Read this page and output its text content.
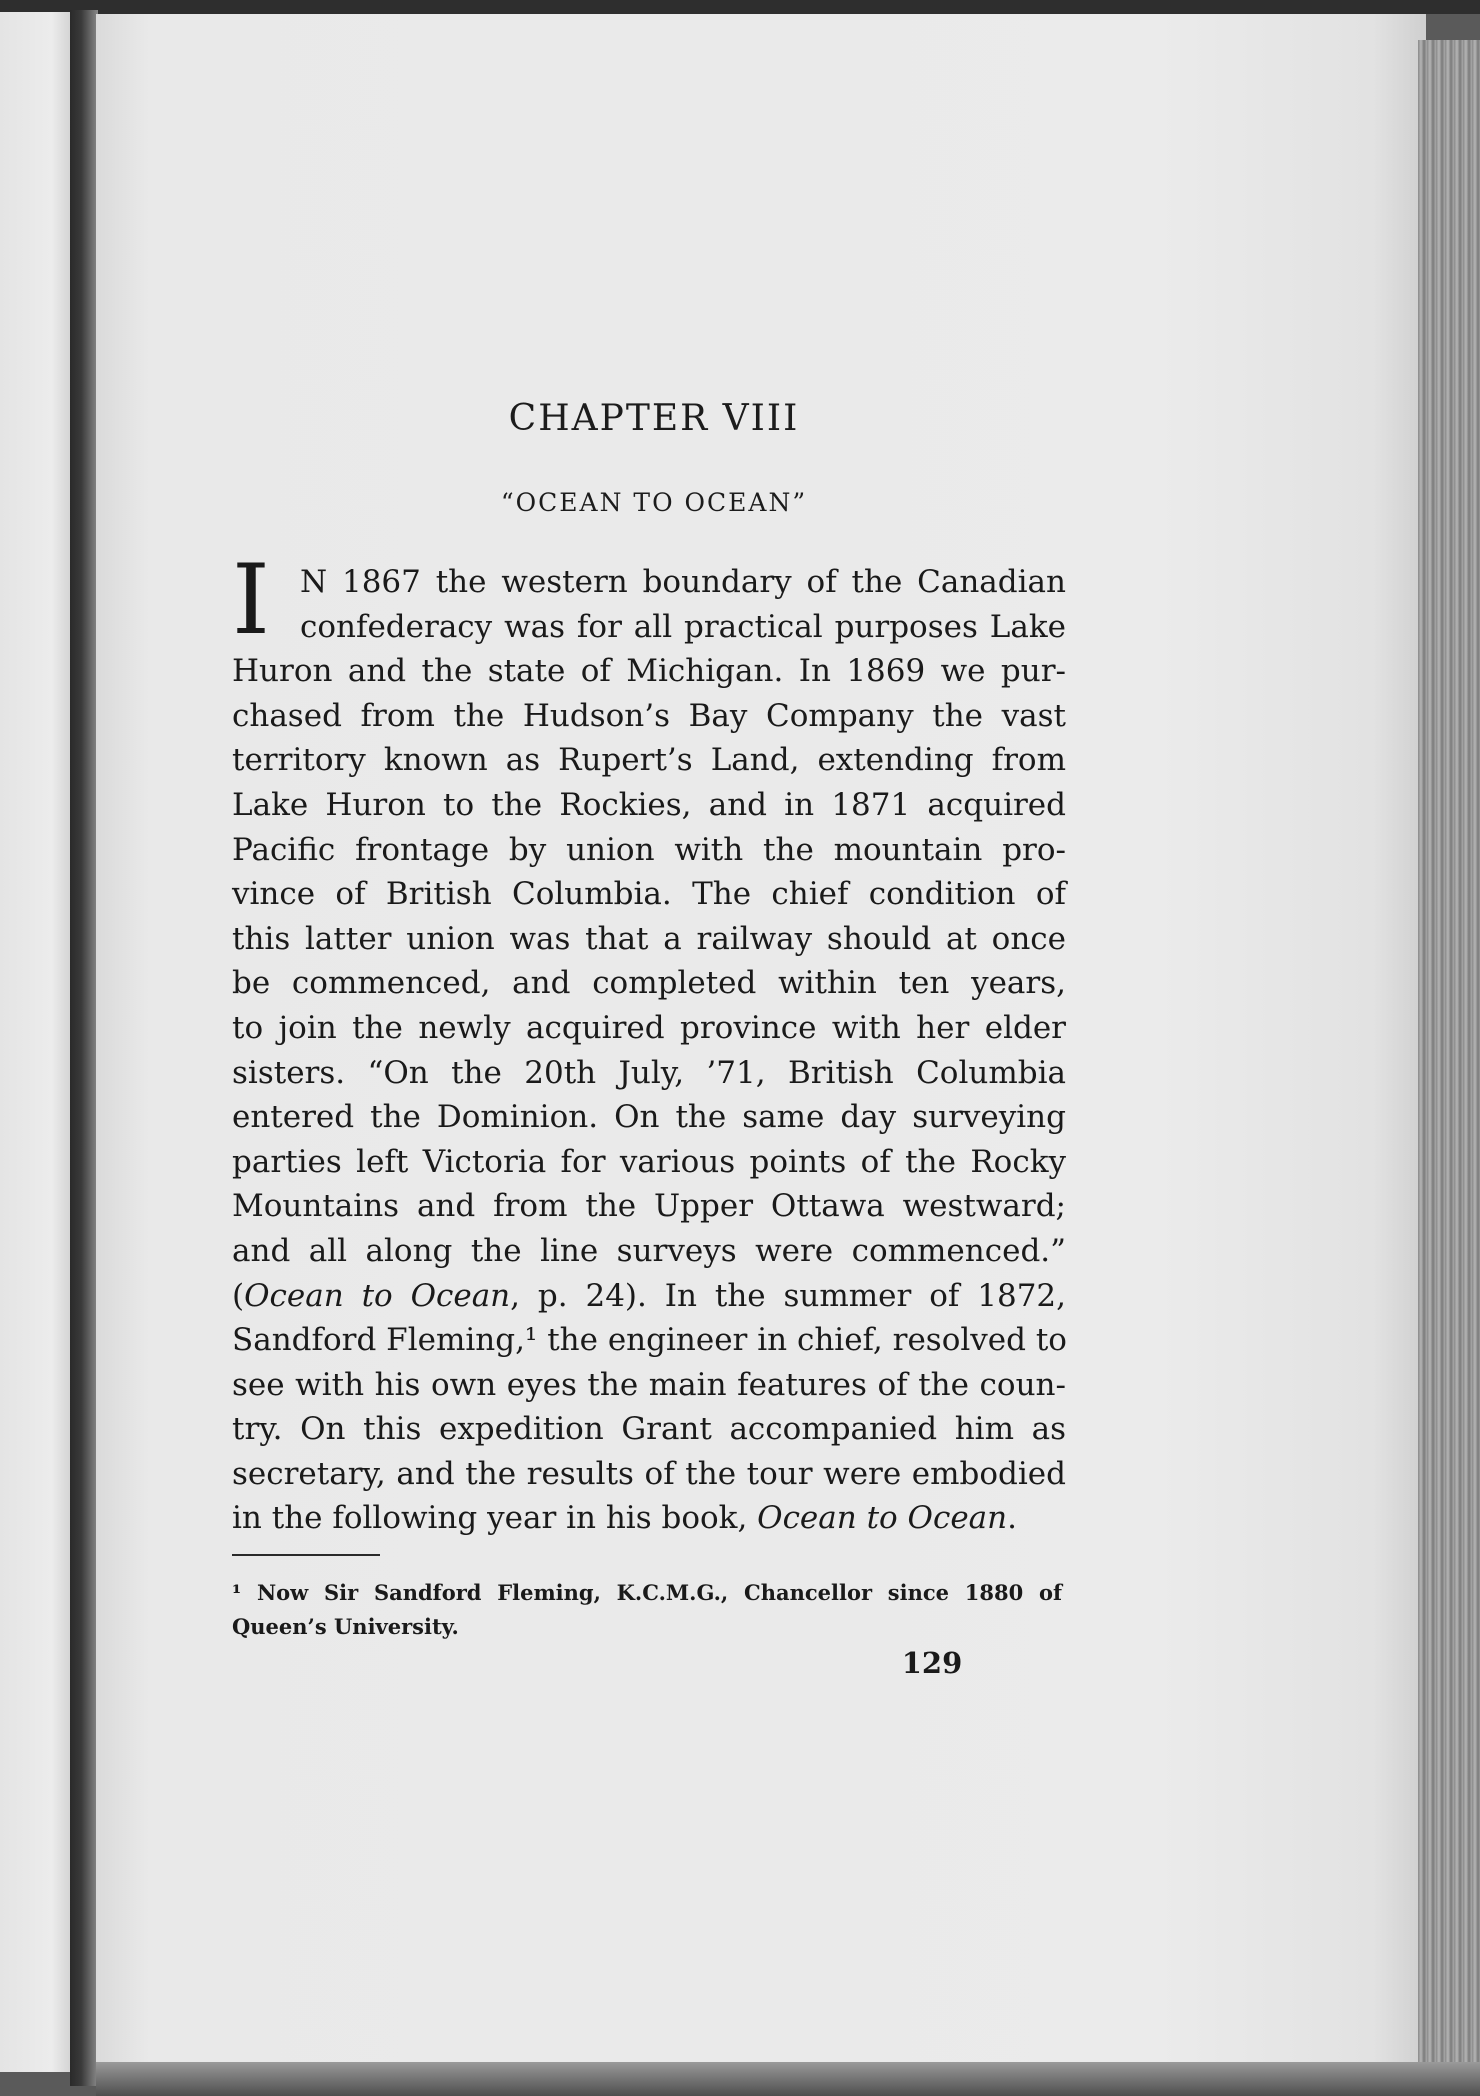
CHAPTER VIII
“OCEAN TO OCEAN”
I N 1867 the western boundary of the Canadian
confederacy was for all practical purposes Lake
Huron and the state of Michigan. In 1869 we pur-
chased from the Hudson’s Bay Company the vast
territory known as Rupert’s Land, extending from
Lake Huron to the Rockies, and in 1871 acquired
Pacific frontage by union with the mountain pro-
vince of British Columbia. The chief condition of
this latter union was that a railway should at once
be commenced, and completed within ten years,
to join the newly acquired province with her elder
sisters. “On the 20th July, ’71, British Columbia
entered the Dominion. On the same day surveying
parties left Victoria for various points of the Rocky
Mountains and from the Upper Ottawa westward;
and all along the line surveys were commenced.”
(Ocean to Ocean, p. 24). In the summer of 1872,
Sandford Fleming,¹ the engineer in chief, resolved to
see with his own eyes the main features of the coun-
try. On this expedition Grant accompanied him as
secretary, and the results of the tour were embodied
in the following year in his book, Ocean to Ocean.
¹ Now Sir Sandford Fleming, K.C.M.G., Chancellor since 1880 of
Queen’s University.
129
